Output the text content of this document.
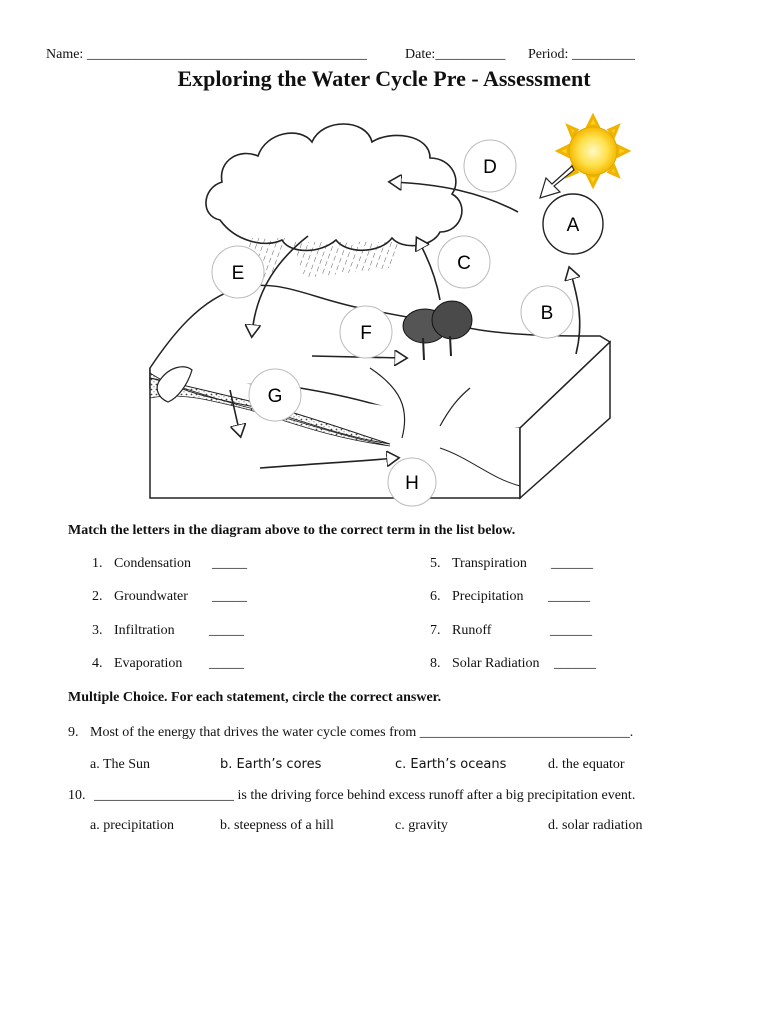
Name: ________________________________________	Date:__________ Period: _________
Exploring the Water Cycle Pre - Assessment
A
B
C
D
E
F
G
H
Match the letters in the diagram above to the correct term in the list below.
1. Condensation _____
2. Groundwater _____
3. Infiltration _____
4. Evaporation _____
5. Transpiration ______
6. Precipitation ______
7. Runoff	______
8. Solar Radiation ______
Multiple Choice. For each statement, circle the correct answer.
9. Most of the energy that drives the water cycle comes from ______________________________.
a. The Sun	b. Earth’s cores	c. Earth’s oceans	d. the equator
10. ____________________ is the driving force behind excess runoff after a big precipitation event.
a. precipitation	b. steepness of a hill	c. gravity	d. solar radiation
